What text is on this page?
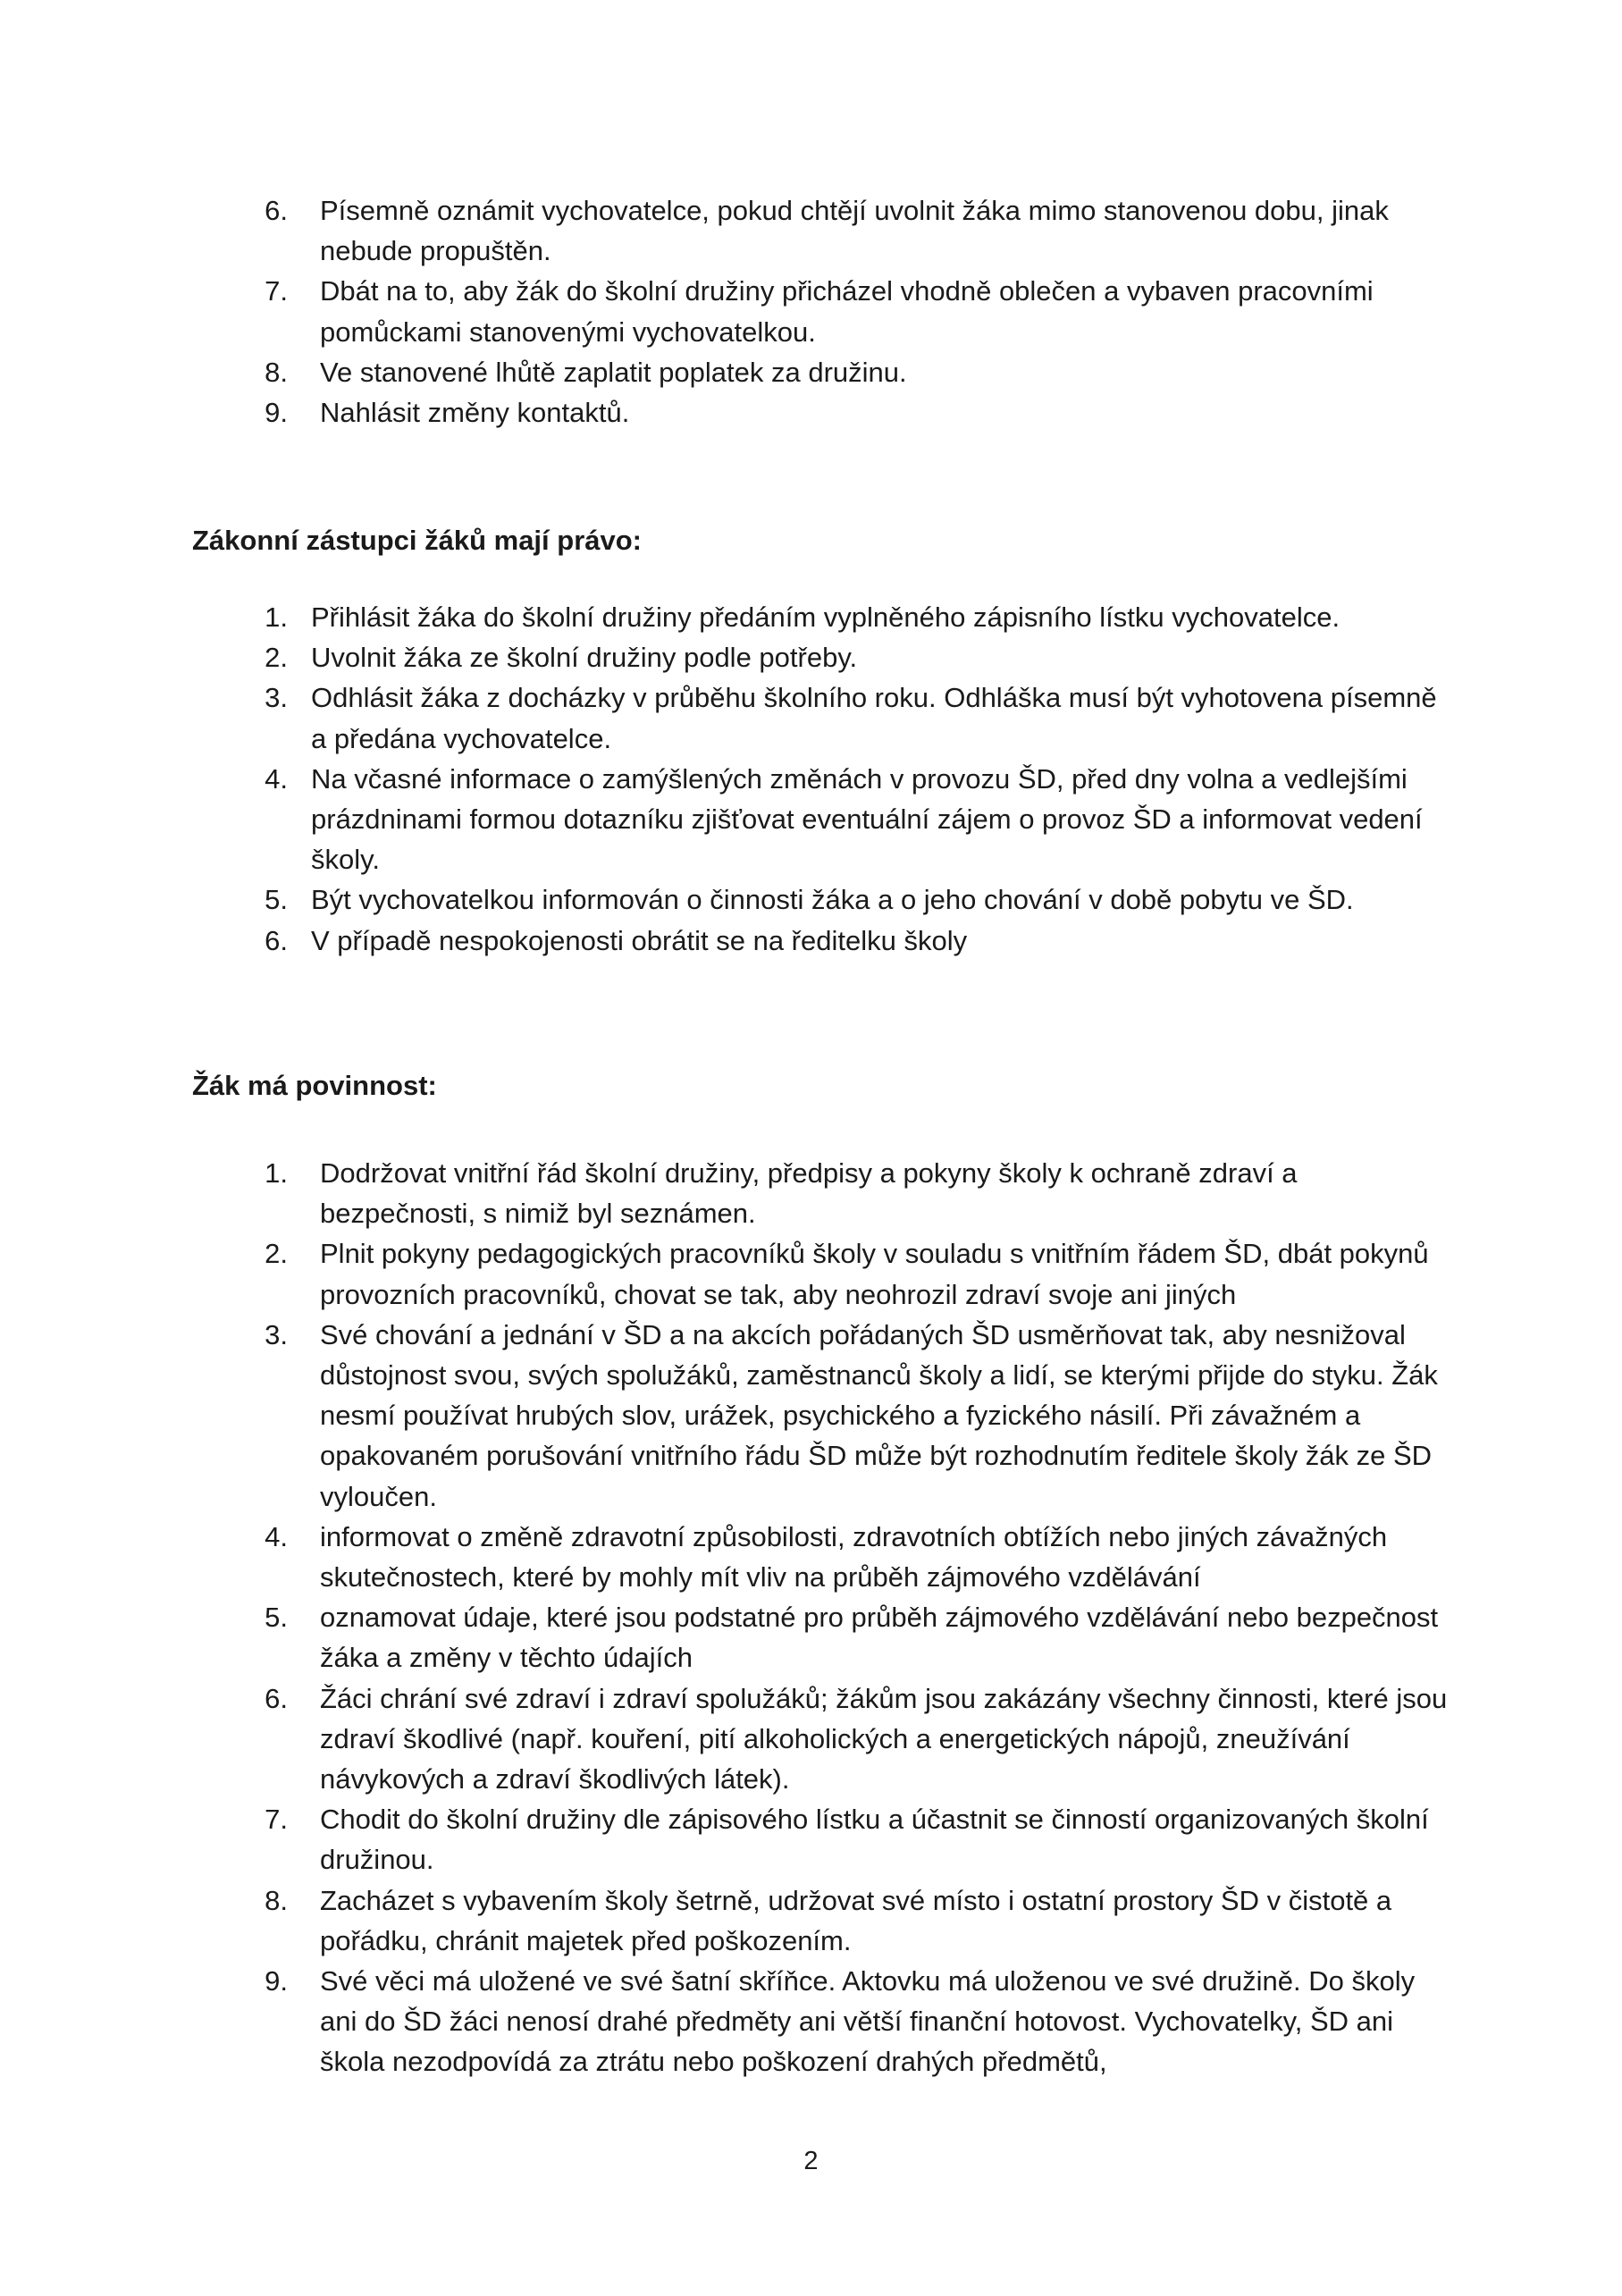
6.	Písemně oznámit vychovatelce, pokud chtějí uvolnit žáka mimo stanovenou dobu, jinak nebude propuštěn.
7.	Dbát na to, aby žák do školní družiny přicházel vhodně oblečen a vybaven pracovními pomůckami stanovenými vychovatelkou.
8.	Ve stanovené lhůtě zaplatit poplatek za družinu.
9.	Nahlásit změny kontaktů.
Zákonní zástupci žáků mají právo:
1. Přihlásit žáka do školní družiny předáním vyplněného zápisního lístku vychovatelce.
2. Uvolnit žáka ze školní družiny podle potřeby.
3. Odhlásit žáka z docházky v průběhu školního roku. Odhláška musí být vyhotovena písemně a předána vychovatelce.
4. Na včasné informace o zamýšlených změnách v provozu ŠD, před dny volna a vedlejšími prázdninami formou dotazníku zjišťovat eventuální zájem o provoz ŠD a informovat vedení školy.
5. Být vychovatelkou informován o činnosti žáka a o jeho chování v době pobytu ve ŠD.
6. V případě nespokojenosti obrátit se na ředitelku školy
Žák má povinnost:
1.	Dodržovat vnitřní řád školní družiny, předpisy a pokyny školy k ochraně zdraví a bezpečnosti, s nimiž byl seznámen.
2.	Plnit pokyny pedagogických pracovníků školy v souladu s vnitřním řádem ŠD, dbát pokynů provozních pracovníků, chovat se tak, aby neohrozil zdraví svoje ani jiných
3.	Své chování a jednání v ŠD a na akcích pořádaných ŠD usměrňovat tak, aby nesnižoval důstojnost svou, svých spolužáků, zaměstnanců školy a lidí, se kterými přijde do styku. Žák nesmí používat hrubých slov, urážek, psychického a fyzického násilí. Při závažném a opakovaném porušování vnitřního řádu ŠD může být rozhodnutím ředitele školy žák ze ŠD vyloučen.
4.	informovat o změně zdravotní způsobilosti, zdravotních obtížích nebo jiných závažných skutečnostech, které by mohly mít vliv na průběh zájmového vzdělávání
5.	oznamovat údaje, které jsou podstatné pro průběh zájmového vzdělávání nebo bezpečnost žáka a změny v těchto údajích
6.	Žáci chrání své zdraví i zdraví spolužáků; žákům jsou zakázány všechny činnosti, které jsou zdraví škodlivé (např. kouření, pití alkoholických a energetických nápojů, zneužívání návykových a zdraví škodlivých látek).
7.	Chodit do školní družiny dle zápisového lístku a účastnit se činností organizovaných školní družinou.
8.	Zacházet s vybavením školy šetrně, udržovat své místo i ostatní prostory ŠD v čistotě a pořádku, chránit majetek před poškozením.
9.	Své věci má uložené ve své šatní skříňce. Aktovku má uloženou ve své družině. Do školy ani do ŠD žáci nenosí drahé předměty ani větší finanční hotovost. Vychovatelky, ŠD ani škola nezodpovídá za ztrátu nebo poškození drahých předmětů,
2
